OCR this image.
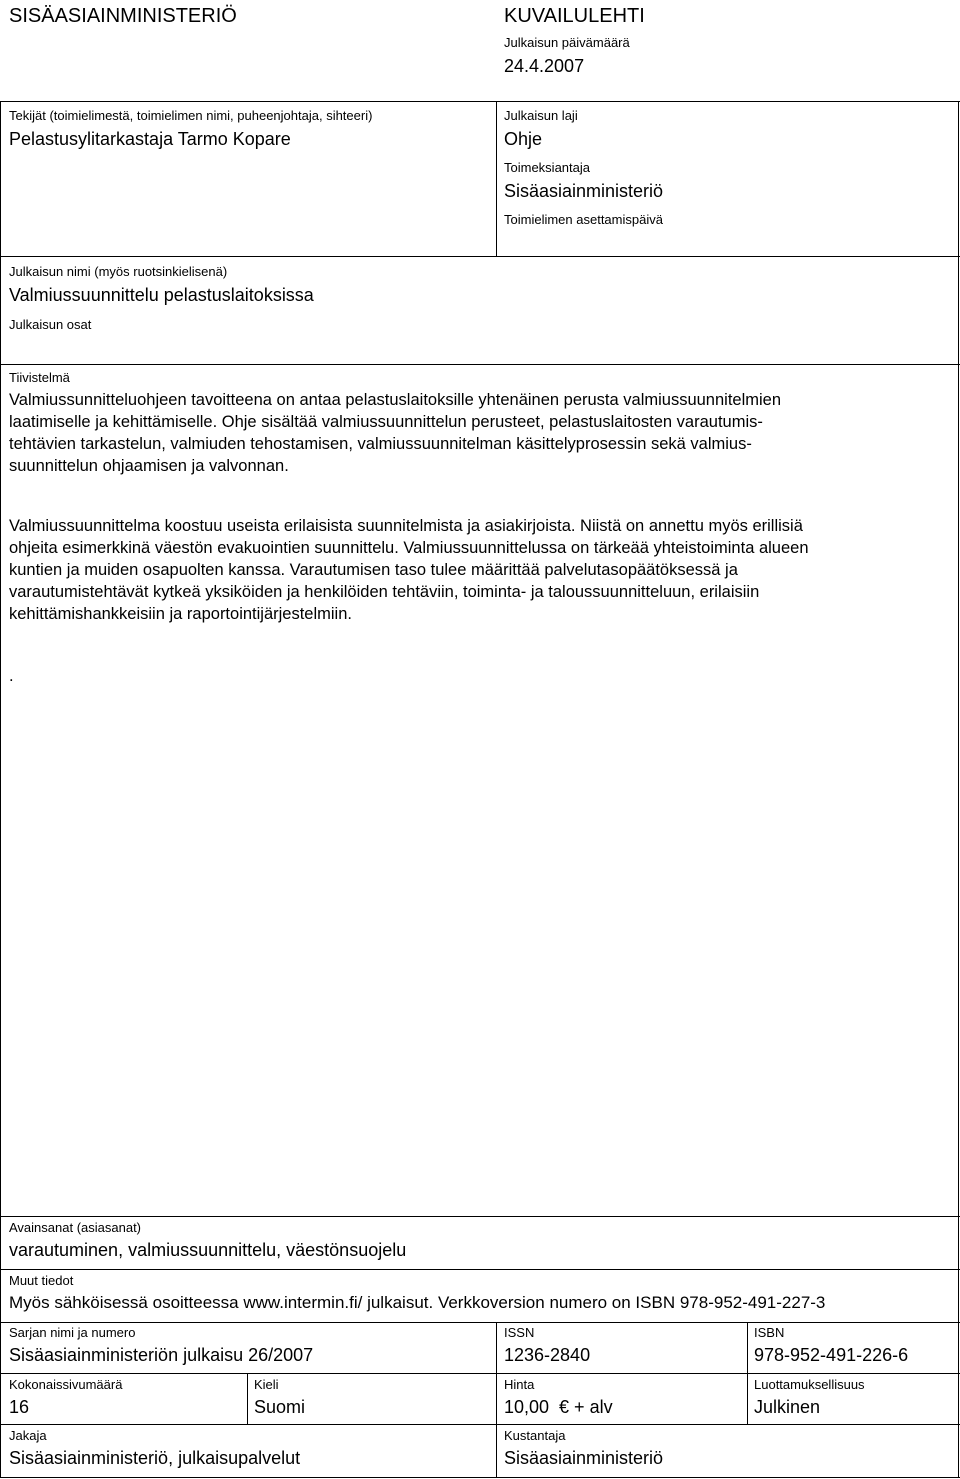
SISÄASIAINMINISTERIÖ	KUVAILULEHTI
Julkaisun päivämäärä
24.4.2007
Tekijät (toimielimestä, toimielimen nimi, puheenjohtaja, sihteeri)
Pelastusylitarkastaja Tarmo Kopare
Julkaisun laji
Ohje
Toimeksiantaja
Sisäasiainministeriö
Toimielimen asettamispäivä
Julkaisun nimi (myös ruotsinkielisenä)
Valmiussuunnittelu pelastuslaitoksissa
Julkaisun osat
Tiivistelmä
Valmiussunnitteluohjeen tavoitteena on antaa pelastuslaitoksille yhtenäinen perusta valmiussuunnitelmien
laatimiselle ja kehittämiselle. Ohje sisältää valmiussuunnittelun perusteet, pelastuslaitosten varautumis-
tehtävien tarkastelun, valmiuden tehostamisen, valmiussuunnitelman käsittelyprosessin sekä valmius-
suunnittelun ohjaamisen ja valvonnan.
Valmiussuunnittelma koostuu useista erilaisista suunnitelmista ja asiakirjoista. Niistä on annettu myös erillisiä
ohjeita esimerkkinä väestön evakuointien suunnittelu. Valmiussuunnittelussa on tärkeää yhteistoiminta alueen
kuntien ja muiden osapuolten kanssa. Varautumisen taso tulee määrittää palvelutasopäätöksessä ja
varautumistehtävät kytkeä yksiköiden ja henkilöiden tehtäviin, toiminta- ja taloussuunnitteluun, erilaisiin
kehittämishankkeisiin ja raportointijärjestelmiin.
.
Avainsanat (asiasanat)
varautuminen, valmiussuunnittelu, väestönsuojelu
Muut tiedot
Myös sähköisessä osoitteessa www.intermin.fi/ julkaisut. Verkkoversion numero on ISBN 978-952-491-227-3
Sarjan nimi ja numero
Sisäasiainministeriön julkaisu 26/2007
ISSN
1236-2840
ISBN
978-952-491-226-6
Kokonaissivumäärä
16
Kieli
Suomi
Hinta
10,00  € + alv
Luottamuksellisuus
Julkinen
Jakaja
Sisäasiainministeriö, julkaisupalvelut
Kustantaja
Sisäasiainministeriö
